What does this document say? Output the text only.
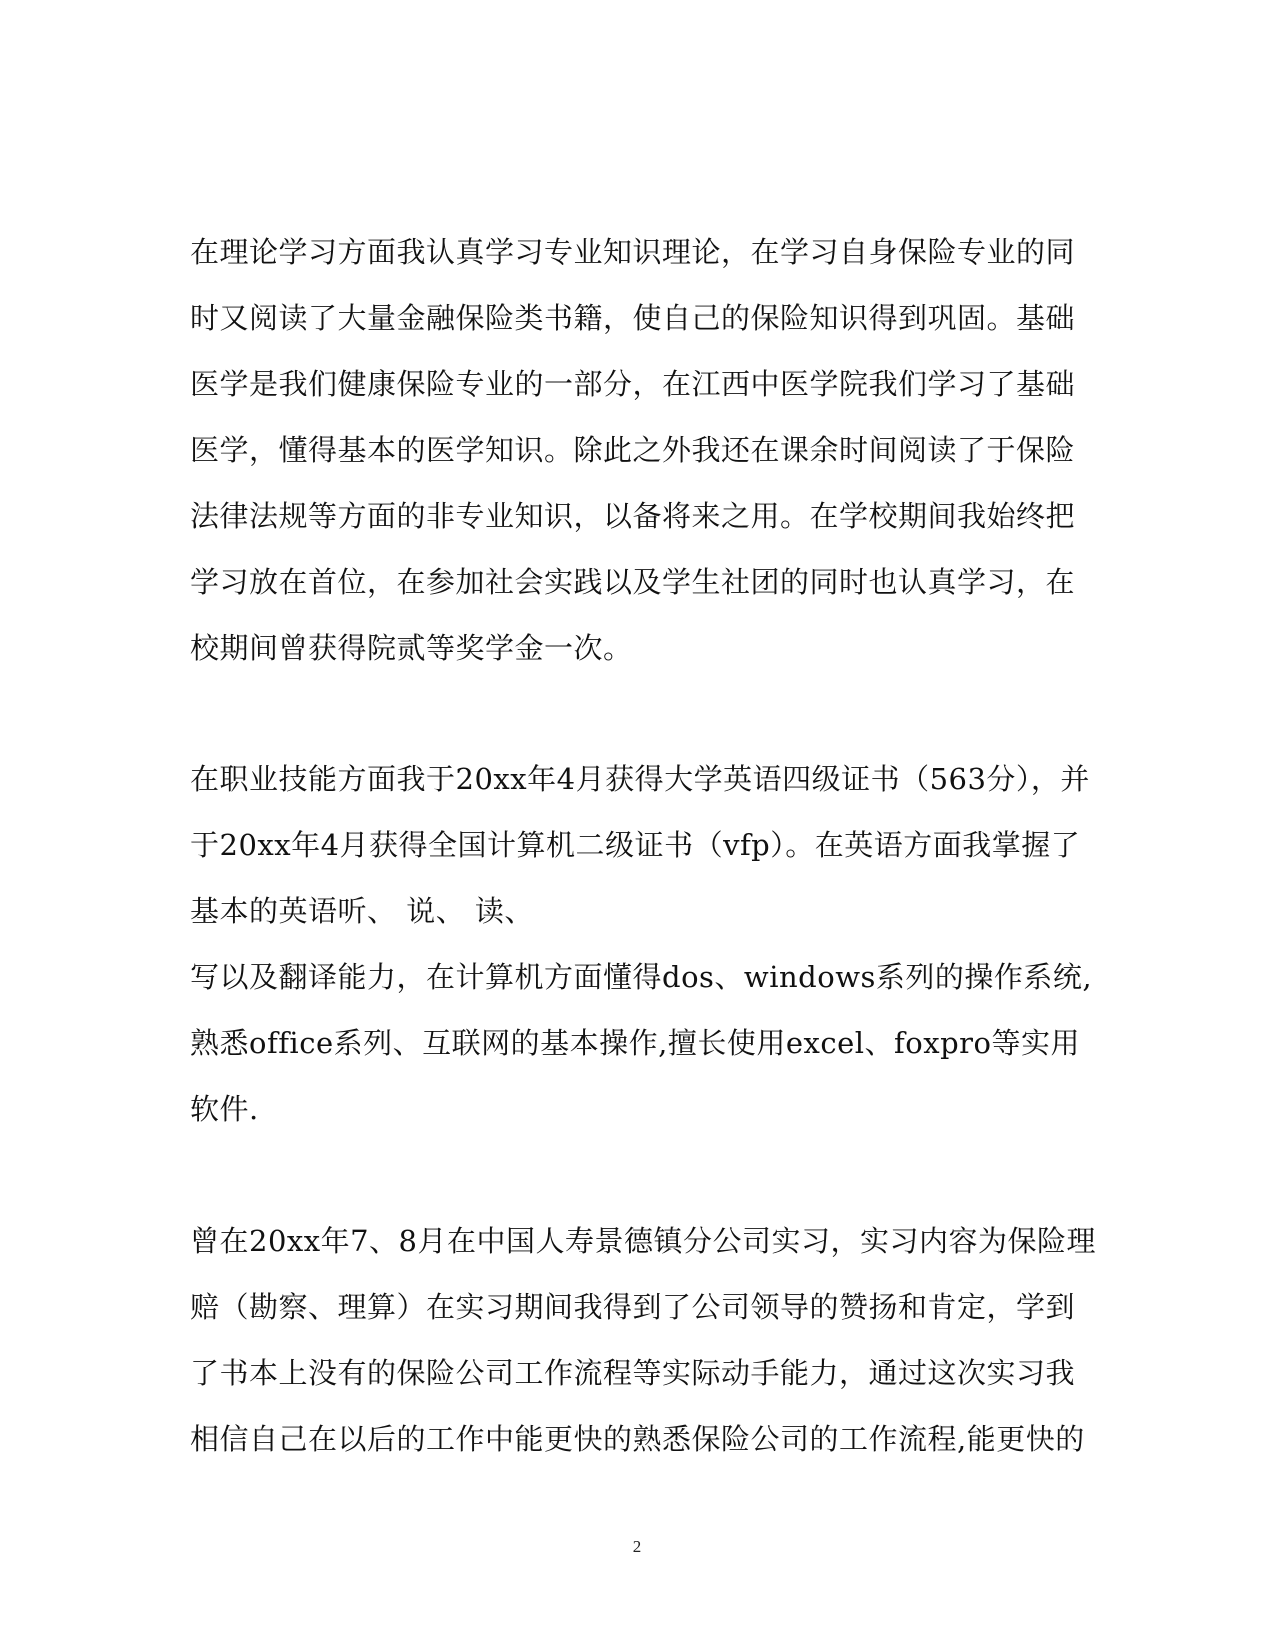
在理论学习方面我认真学习专业知识理论，在学习自身保险专业的同
时又阅读了大量金融保险类书籍，使自己的保险知识得到巩固。基础
医学是我们健康保险专业的一部分，在江西中医学院我们学习了基础
医学，懂得基本的医学知识。除此之外我还在课余时间阅读了于保险
法律法规等方面的非专业知识，以备将来之用。在学校期间我始终把
学习放在首位，在参加社会实践以及学生社团的同时也认真学习，在
校期间曾获得院贰等奖学金一次。
在职业技能方面我于20xx年4月获得大学英语四级证书（563分），并
于20xx年4月获得全国计算机二级证书（vfp）。在英语方面我掌握了
基本的英语听、 说、 读、
写以及翻译能力，在计算机方面懂得dos、windows系列的操作系统,
熟悉office系列、互联网的基本操作,擅长使用excel、foxpro等实用
软件.
曾在20xx年7、8月在中国人寿景德镇分公司实习，实习内容为保险理
赔（勘察、理算）在实习期间我得到了公司领导的赞扬和肯定，学到
了书本上没有的保险公司工作流程等实际动手能力，通过这次实习我
相信自己在以后的工作中能更快的熟悉保险公司的工作流程,能更快的
2
